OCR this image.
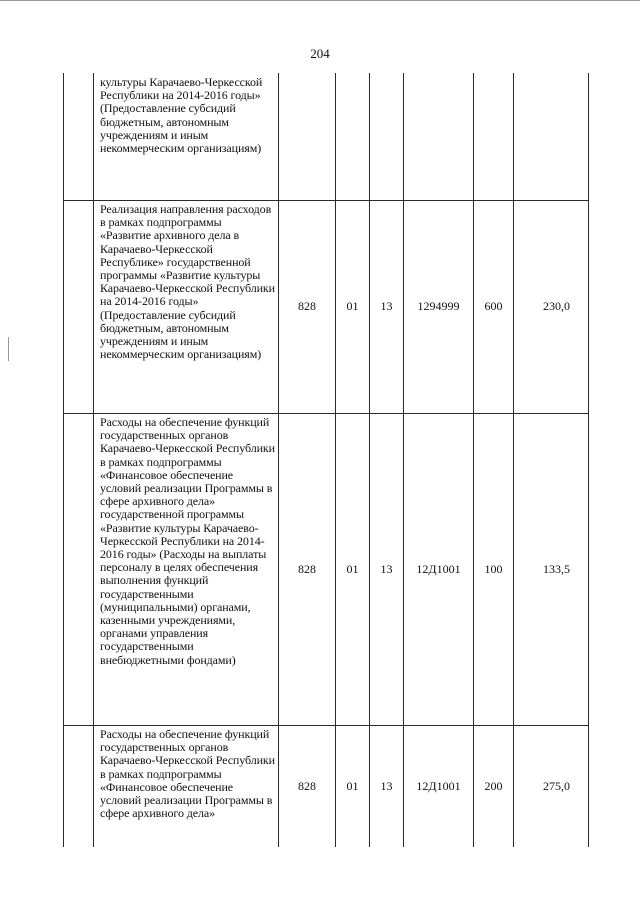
204
	культуры Карачаево-Черкесской Республики на 2014-2016 годы» (Предоставление субсидий бюджетным, автономным учреждениям и иным некоммерческим организациям)						
	Реализация направления расходов в рамках подпрограммы «Развитие архивного дела в Карачаево-Черкесской Республике» государственной программы «Развитие культуры Карачаево-Черкесской Республики на 2014-2016 годы» (Предоставление субсидий бюджетным, автономным учреждениям и иным некоммерческим организациям)	828	01	13	1294999	600	230,0
	Расходы на обеспечение функций государственных органов Карачаево-Черкесской Республики в рамках подпрограммы «Финансовое обеспечение условий реализации Программы в сфере архивного дела» государственной программы «Развитие культуры Карачаево-Черкесской Республики на 2014-2016 годы» (Расходы на выплаты персоналу в целях обеспечения выполнения функций государственными (муниципальными) органами, казенными учреждениями, органами управления государственными внебюджетными фондами)	828	01	13	12Д1001	100	133,5
	Расходы на обеспечение функций государственных органов Карачаево-Черкесской Республики в рамках подпрограммы «Финансовое обеспечение условий реализации Программы в сфере архивного дела»	828	01	13	12Д1001	200	275,0
